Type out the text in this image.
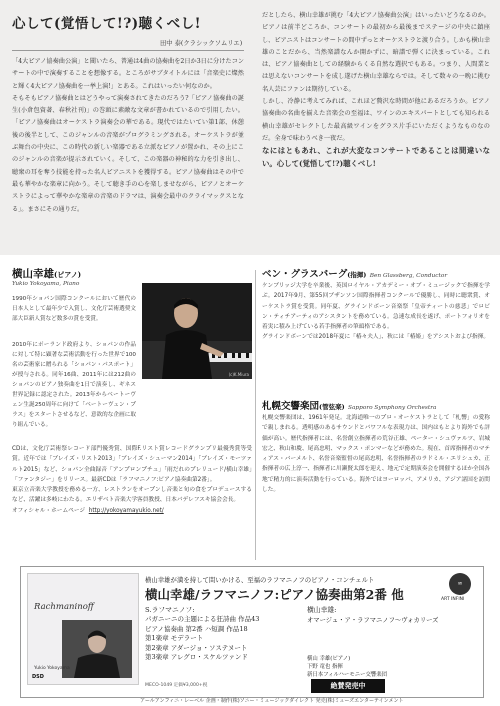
心して(覚悟して!?)聴くべし!
田中 泰(クラシックソムリエ)

「4大ピアノ協奏曲公演」と聞いたら、普通は4曲の協奏曲を2日か3日に分けたコンサートの中で演奏することを想像する。ところがサブタイトルには「音楽史に燦然と輝く4大ピアノ協奏曲を一挙上演!」とある。これはいったい何なのか。

そもそもピアノ協奏曲とはどうやって演奏されてきたのだろう?「ピアノ協奏曲の誕生(小倉包資著、春秋社刊)」の巻頭に素敵な文章が書かれているので引用したい。「ピアノ協奏曲はオーケストラ演奏会の華である。現代ではたいてい第1部、休憩後の後半として、このジャンルの音楽がプログラミングされる。オーケストラが並ぶ舞台の中央に、この時代の新しい楽器である立派なピアノが置かれ、その上にこのジャンルの音楽が提示されていく。そして、この楽器の神秘的な力を引き出し、聴衆の耳を奪う技能を持った名人ピアニストを獲得する。ピアノ協奏曲はその中で最も華やかな楽章に向かう。そして聴き手の心を楽しませながら、ピアノとオーケストラによって華やかな楽章の音楽のドラマは、演奏会最中のクライマックスとなる」。まさにその通りだ。

だとしたら、横山幸雄が挑む「4大ピアノ協奏曲公演」はいったいどうなるのか。ピアノは前半どころか、コンサートの最初から最後までステージの中央に鎮座し、ピアニストはコンサートの間中ずっとオーケストラと渡り合う。しかも横山幸雄のことだから、当然楽譜なんか開かずに、暗譜で弾くに決まっている。これは、ピアノ協奏曲としての経験からくる自然な選択でもある。つまり、人間業とは思えないコンサートを成し遂げた横山幸雄ならでは。そして数々の一晩に挑む名人芸にファンは期待している。

しかし、冷静に考えてみれば、これほど贅沢な時間が他にあるだろうか。ピアノ協奏曲の名曲を揃えた音楽会の至福は、ワインのエキスパートとしても知られる横山幸雄がセレクトした最高級ワインをグラス片手にいただくようなものなのだ。全身で味わうべき一夜だ。

なにはともあれ、これが大変なコンサートであることは間違いない。心して(覚悟して!?)聴くべし!

横山幸雄(ピアノ)
Yukio Yokoyama, Piano

1990年ショパン国際コンクールにおいて歴代の日本人として最年少で入賞し、文化庁芸術選奨文部大臣新人賞など数多の賞を受賞。

(c)K.Miura

2010年にポーランド政府より、ショパンの作品に対して特に顕著な芸術活動を行った世界で100名の芸術家に贈られる「ショパン・パスポート」が授与される。同年16曲、2011年には212曲のショパンのピアノ独奏曲を1日で演奏し、ギネス世界記録に認定された。2013年からベートーヴェン生誕250周年に向けて「ベートーヴェン・プラス」をスタートさせるなど、意欲的な企画に取り組んでいる。

CDは、文化庁芸術祭レコード部門優秀賞、国際F.リスト賞レコードグランプリ最優秀賞等受賞。近年では「ブレイズ・リスト2013」「ブレイズ・シューマン2014」「ブレイズ・モーツァルト2015」など、ショパン全曲録音「アンプロンプチュ」「雨だれのプレリュード/横山幸雄」「ファンタジー」をリリース。最新CDは「ラフマニノフ:ピアノ協奏曲第2番」。

東京立音楽大学教授を務める一方、レストランをオープンし音楽と旬の食をプロデュースするなど、活躍は多岐にわたる。エリザベト音楽大学客員教授、日本パデレフスキ協会会長。

オフィシャル・ホームページ http://yokoyamayukio.net/

ベン・グラスバーグ(指揮) Ben Glassberg, Conductor

ケンブリッジ大学を卒業後、英国ロイヤル・アカデミー・オブ・ミュージックで指揮を学ぶ。2017年9月、第55回ブザンソン国際指揮者コンクールで優勝し、同時に聴衆賞、オーケストラ賞を受賞。同年夏、グラインドボーン音楽祭「皇帝ティートの慈悲」でロビン・ティチアーティのアシスタントを務めている。急速な成長を遂げ、ポートフォリオを着実に積み上げている若手指揮者の筆頭格である。

グラインドボーンでは2018年夏に「椿々夫人」、秋には「椿姫」をアシストおよび指揮。

札幌交響楽団(管弦楽) Sapporo Symphony Orchestra

札幌交響楽団は、1961年発足。北海道唯一のプロ・オーケストラとして「札響」の愛称で親しまれる。透明感のあるサウンドとパワフルな表現力は、国内はもとより海外でも評価が高い。歴代指揮者には、名誉創立指揮者の荒谷正雄、ペーター・シュヴァルツ、岩城宏之、秋山和慶、尾高忠明、マックス・ポンマーなどが務めた。現在、首席指揮者のマティアス・バーメルト、名誉音楽監督の尾高忠明、名誉指揮者のラドミル・エリシュカ、正指揮者の広上淳一、指揮者に川瀬賢太郎を迎え、地元で定期演奏会を開催するほか全国各地で精力的に演奏活動を行っている。海外ではヨーロッパ、アメリカ、アジア諸国を訪問した。

Rachmaninoff
Yukio Yokoyama
DSD
横山幸雄が満を持して問いかける、至福のラフマニノフのピアノ・コンチェルト
横山幸雄/ラフマニノフ:ピアノ協奏曲第2番 他
S.ラフマニノフ:
パガニーニの主題による狂詩曲 作品43
ピアノ協奏曲 第2番 ハ短調 作品18
第1楽章 モデラート
第2楽章 アダージョ・ソステヌート
第3楽章 アレグロ・スケルツァンド
横山幸雄:
オマージュ・ア・ラフマニノフ〜ヴォカリーズ
横山 幸雄(ピアノ)
下野 竜也 指揮
新日本フィルハーモニー交響楽団
絶賛発売中
MECO-1049 定価¥3,000+税
∞
ART INFINI
アールアンフィニ・レーベル 企画・制作(株)ソニー・ミュージックダイレクト 発売(株)ミューズエンターテインメント
